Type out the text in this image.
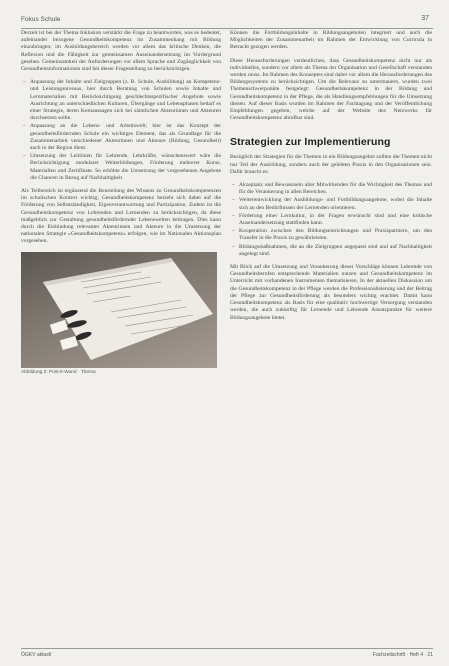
Fokus Schule	37

Derzeit ist bei der Thema Inklusion verstärkt die Frage zu beantworten, was es bedeutet, aufeinander bezogene Gesundheitskompetenz im Zusammenhang mit Bildung einzubringen; im Ausbildungsbereich werden vor allem das kritische Denken, die Reflexion und die Fähigkeit zur gemeinsamen Auseinandersetzung im Vordergrund gesehen. Gemeinsamkeit der Anforderungen vor allem Sprache und Zugänglichkeit von Gesundheitsinformationen sind bei dieser Fragestellung zu berücksichtigen.

– Anpassung der Inhalte und Zielgruppen (z. B. Schule, Ausbildung) an Kompetenz- und Leistungsniveaus, hier durch Beratung von Schulen sowie Inhalte und Lernmaterialien mit Berücksichtigung geschlechtsspezifischer Angebote sowie Ausrichtung an unterschiedlichen Kulturen, Übergänge und Lebensphasen bedarf es einer Strategie, deren Kernaussagen sich bei sämtlichen Akteurinnen und Akteuren durchsetzen sollte.
– Anpassung an die Lebens- und Arbeitswelt; hier ist das Konzept der gesundheitsfördernden Schule ein wichtiges Element, das als Grundlage für die Zusammenarbeit verschiedener Akteurinnen und Akteure (Bildung, Gesundheit) auch in der Region dient.
– Umsetzung der Leitlinien für Lehrende, Lehrkräfte, wünschenswert wäre die Berücksichtigung modularer Weiterbildungen, Förderung mehrerer Kurse, Materialien und Zertifikate. So erhöhte die Umsetzung der vorgesehenen Angebote die Chancen in Bezug auf Nachhaltigkeit.

Als Teilbereich ist ergänzend die Beurteilung des Wissens zu Gesundheitskompetenzen im schulischen Kontext wichtig; Gesundheitskompetenz bezieht sich dabei auf die Förderung von Selbstständigkeit, Eigenverantwortung und Partizipation. Zudem ist die Gesundheitskompetenz von Lehrenden und Lernenden zu berücksichtigen, da diese maßgeblich zur Gestaltung gesundheitsfördernder Lebenswelten beitragen. Dies kann durch die Einbindung relevanter Akteurinnen und Akteure in die Umsetzung der nationalen Strategie »Gesundheitskompetenz« erfolgen, wie im Nationalen Aktionsplan vorgesehen.

Abbildung 2: Post-it-Wand · Thema

Können die Fortbildungsinhalte in Bildungsangeboten integriert und auch die Möglichkeiten der Zusammenarbeit im Rahmen der Entwicklung von Curricula in Betracht gezogen werden.

Diese Herausforderungen verdeutlichen, dass Gesundheitskompetenz nicht nur als individuelles, sondern vor allem als Thema der Organisation und Gesellschaft verstanden werden muss. Im Rahmen des Konzeptes sind dabei vor allem die Herausforderungen des Bildungssystems zu berücksichtigen. Um die Relevanz zu untermauern, wurden zwei Themenschwerpunkte festgelegt: Gesundheitskompetenz in der Bildung und Gesundheitskompetenz in der Pflege, die als Handlungsempfehlungen für die Umsetzung dienen. Auf dieser Basis wurden im Rahmen der Fachtagung und der Veröffentlichung Empfehlungen gegeben, welche auf der Website des Netzwerks für Gesundheitskompetenz abrufbar sind.

Strategien zur Implementierung

Bezüglich der Strategien für die Themen in ein Bildungsangebot sollten die Themen nicht nur Teil der Ausbildung, sondern auch der gelebten Praxis in den Organisationen sein. Dafür braucht es:

– Akzeptanz und Bewusstsein aller Mitwirkenden für die Wichtigkeit des Themas und für die Verankerung in allen Bereichen.
– Weiterentwicklung der Ausbildungs- und Fortbildungsangebote, wobei die Inhalte sich an den Bedürfnissen der Lernenden orientieren.
– Förderung einer Lernkultur, in der Fragen erwünscht sind und eine kritische Auseinandersetzung stattfinden kann.
– Kooperation zwischen den Bildungseinrichtungen und Praxispartnern, um den Transfer in die Praxis zu gewährleisten.
– Bildungsmaßnahmen, die an die Zielgruppen angepasst sind und auf Nachhaltigkeit angelegt sind.

Mit Blick auf die Umsetzung und Verankerung dieser Vorschläge können Lehrende von Gesundheitsberufen entsprechende Materialien nutzen und Gesundheitskompetenz im Unterricht mit vorhandenen Instrumenten thematisieren. In der aktuellen Diskussion um die Gesundheitskompetenz in der Pflege werden die Professionalisierung und der Beitrag der Pflege zur Gesundheitsförderung als besonders wichtig erachtet. Damit kann Gesundheitskompetenz als Basis für eine qualitativ hochwertige Versorgung verstanden werden, die auch zukünftig für Lernende und Lehrende Ansatzpunkte für weitere Bildungsangebote bietet.

ÖGKV aktuell	Fachzeitschrift · Heft 4 · 21
